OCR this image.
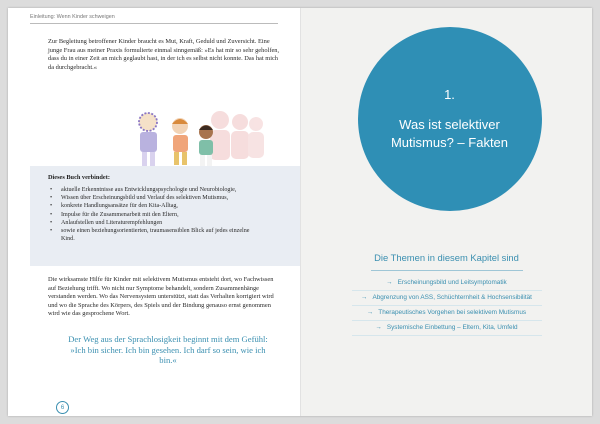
Einleitung: Wenn Kinder schweigen
Zur Begleitung betroffener Kinder braucht es Mut, Kraft, Geduld und Zuversicht. Eine junge Frau aus meiner Praxis formulierte einmal sinngemäß: »Es hat mir so sehr geholfen, dass du in einer Zeit an mich geglaubt hast, in der ich es selbst nicht konnte. Das hat mich da durchgebracht.«
Dieses Buch verbindet:
• aktuelle Erkenntnisse aus Entwicklungspsychologie und Neurobiologie,
• Wissen über Erscheinungsbild und Verlauf des selektiven Mutismus,
• konkrete Handlungsansätze für den Kita-Alltag,
• Impulse für die Zusammenarbeit mit den Eltern,
• Anlaufstellen und Literaturempfehlungen
• sowie einen beziehungsorientierten, traumasensiblen Blick auf jedes einzelne Kind.
Die wirksamste Hilfe für Kinder mit selektivem Mutismus entsteht dort, wo Fachwissen auf Beziehung trifft. Wo nicht nur Symptome behandelt, sondern Zusammenhänge verstanden werden. Wo das Nervensystem unterstützt, statt das Verhalten korrigiert wird und wo die Sprache des Körpers, des Spiels und der Bindung genauso ernst genommen wird wie das gesprochene Wort.
Der Weg aus der Sprachlosigkeit beginnt mit dem Gefühl: »Ich bin sicher. Ich bin gesehen. Ich darf so sein, wie ich bin.«
6
1.
Was ist selektiver Mutismus? – Fakten
Die Themen in diesem Kapitel sind
→ Erscheinungsbild und Leitsymptomatik
→ Abgrenzung von ASS, Schüchternheit & Hochsensibilität
→ Therapeutisches Vorgehen bei selektivem Mutismus
→ Systemische Einbettung – Eltern, Kita, Umfeld
